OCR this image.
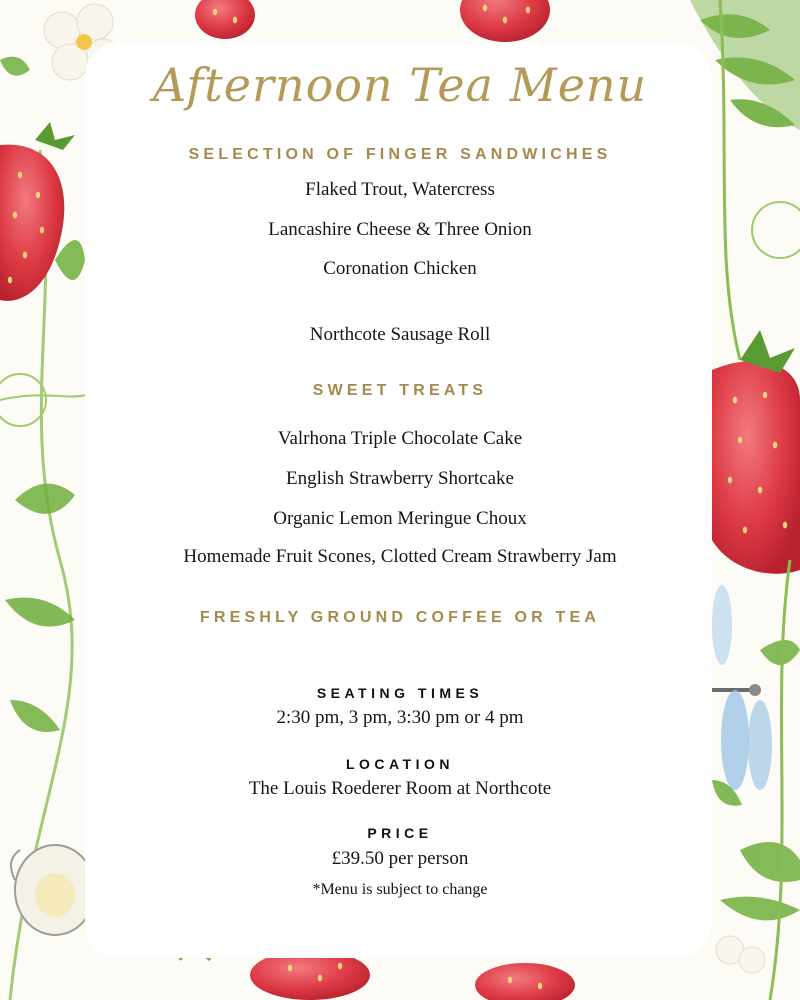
Afternoon Tea Menu
SELECTION OF FINGER SANDWICHES
Flaked Trout, Watercress
Lancashire Cheese & Three Onion
Coronation Chicken
Northcote Sausage Roll
SWEET TREATS
Valrhona Triple Chocolate Cake
English Strawberry Shortcake
Organic Lemon Meringue Choux
Homemade Fruit Scones, Clotted Cream Strawberry Jam
FRESHLY GROUND COFFEE OR TEA
SEATING TIMES
2:30 pm, 3 pm, 3:30 pm or 4 pm
LOCATION
The Louis Roederer Room at Northcote
PRICE
£39.50 per person
*Menu is subject to change
